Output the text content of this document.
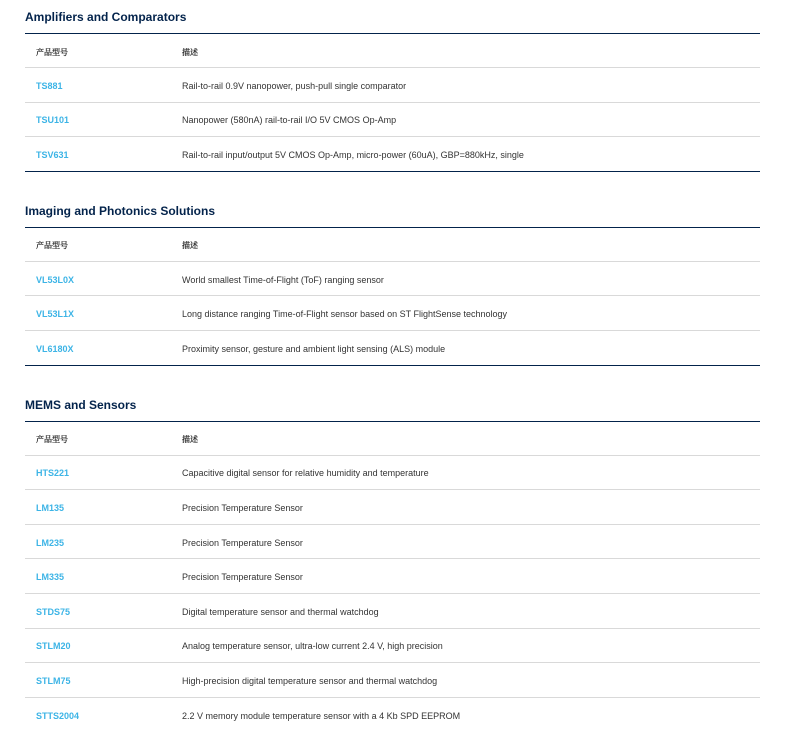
Amplifiers and Comparators
产品型号	描述
TS881	Rail-to-rail 0.9V nanopower, push-pull single comparator
TSU101	Nanopower (580nA) rail-to-rail I/O 5V CMOS Op-Amp
TSV631	Rail-to-rail input/output 5V CMOS Op-Amp, micro-power (60uA), GBP=880kHz, single
Imaging and Photonics Solutions
产品型号	描述
VL53L0X	World smallest Time-of-Flight (ToF) ranging sensor
VL53L1X	Long distance ranging Time-of-Flight sensor based on ST FlightSense technology
VL6180X	Proximity sensor, gesture and ambient light sensing (ALS) module
MEMS and Sensors
产品型号	描述
HTS221	Capacitive digital sensor for relative humidity and temperature
LM135	Precision Temperature Sensor
LM235	Precision Temperature Sensor
LM335	Precision Temperature Sensor
STDS75	Digital temperature sensor and thermal watchdog
STLM20	Analog temperature sensor, ultra-low current 2.4 V, high precision
STLM75	High-precision digital temperature sensor and thermal watchdog
STTS2004	2.2 V memory module temperature sensor with a 4 Kb SPD EEPROM
